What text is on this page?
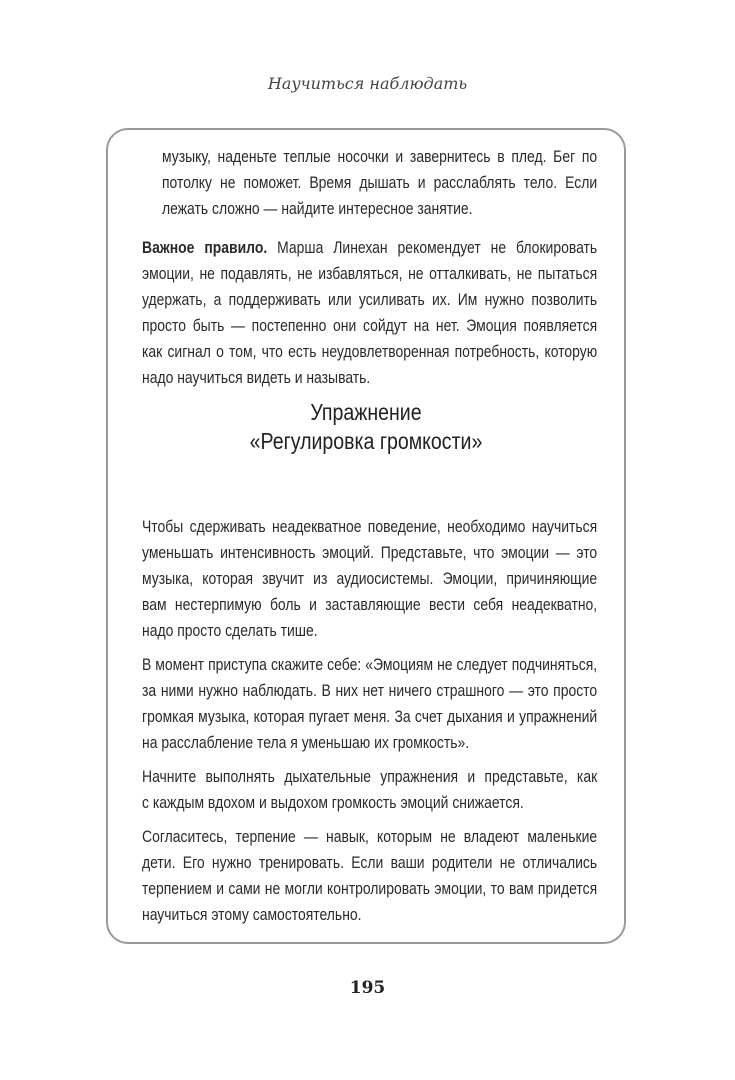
Научиться наблюдать
музыку, наденьте теплые носочки и завернитесь в плед. Бег по
потолку не поможет. Время дышать и расслаблять тело. Если
лежать сложно — найдите интересное занятие.
Важное правило. Марша Линехан рекомендует не блокировать
эмоции, не подавлять, не избавляться, не отталкивать, не пытаться
удержать, а поддерживать или усиливать их. Им нужно позволить
просто быть — постепенно они сойдут на нет. Эмоция появляется
как сигнал о том, что есть неудовлетворенная потребность, которую
надо научиться видеть и называть.
Упражнение
«Регулировка громкости»
Чтобы сдерживать неадекватное поведение, необходимо научиться
уменьшать интенсивность эмоций. Представьте, что эмоции — это
музыка, которая звучит из аудиосистемы. Эмоции, причиняющие
вам нестерпимую боль и заставляющие вести себя неадекватно,
надо просто сделать тише.
В момент приступа скажите себе: «Эмоциям не следует подчиняться,
за ними нужно наблюдать. В них нет ничего страшного — это просто
громкая музыка, которая пугает меня. За счет дыхания и упражнений
на расслабление тела я уменьшаю их громкость».
Начните выполнять дыхательные упражнения и представьте, как
с каждым вдохом и выдохом громкость эмоций снижается.
Согласитесь, терпение — навык, которым не владеют маленькие
дети. Его нужно тренировать. Если ваши родители не отличались
терпением и сами не могли контролировать эмоции, то вам придется
научиться этому самостоятельно.
195
